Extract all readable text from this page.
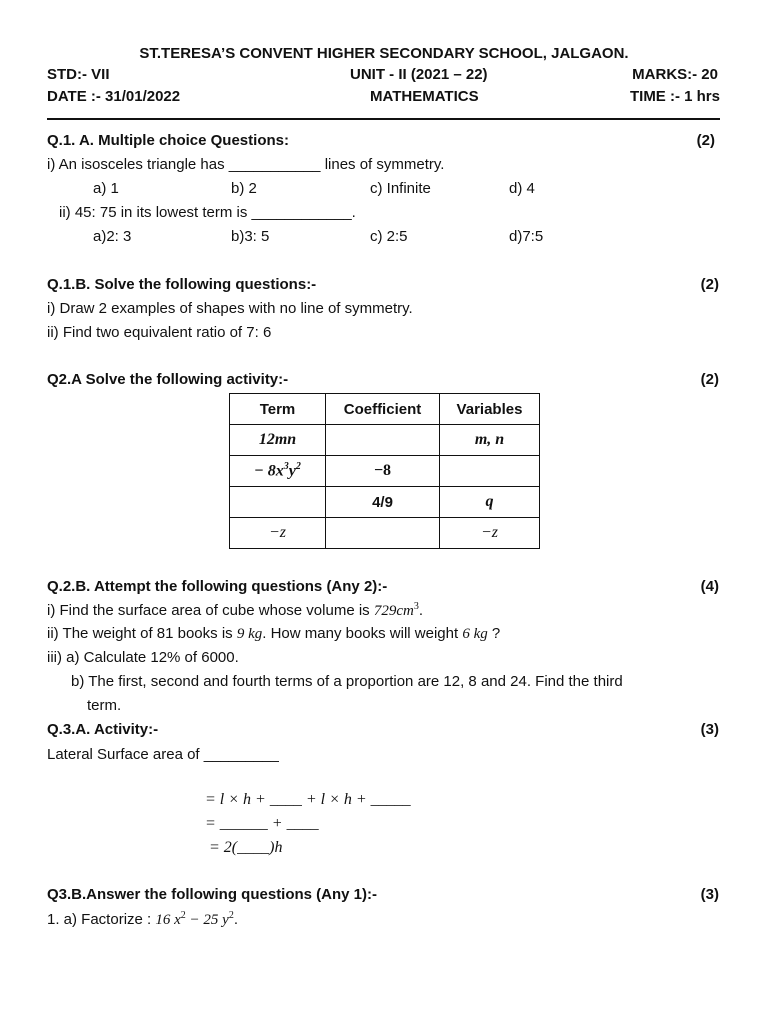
ST.TERESA’S CONVENT HIGHER SECONDARY SCHOOL, JALGAON.
STD:- VII	UNIT - II (2021 – 22)	MARKS:- 20
DATE :- 31/01/2022	MATHEMATICS	TIME :- 1 hrs
Q.1. A. Multiple choice Questions:	(2)
i) An isosceles triangle has ___________ lines of symmetry.
a) 1	b) 2	c) Infinite	d) 4
ii) 45: 75 in its lowest term is ____________.
a)2: 3	b)3: 5	c) 2:5	d)7:5
Q.1.B. Solve the following questions:-	(2)
i) Draw 2 examples of shapes with no line of symmetry.
ii) Find two equivalent ratio of 7: 6
Q2.A Solve the following activity:-	(2)
Term	Coefficient	Variables
12mn		m, n
− $8x^3y^2$	−8	
	4/9	q
−z		−z
Q.2.B. Attempt the following questions (Any 2):-	(4)
i) Find the surface area of cube whose volume is $729cm^3$.
ii) The weight of 81 books is 9 kg. How many books will weight 6 kg ?
iii) a) Calculate 12% of 6000.
b) The first, second and fourth terms of a proportion are 12, 8 and 24. Find the third
term.
Q.3.A. Activity:-	(3)
Lateral Surface area of _________
= l × h + ____ + l × h + _____
= ______ + ____
= 2(____)h
Q3.B.Answer the following questions (Any 1):-	(3)
1. a) Factorize : 16 $x^2 - 25$ $y^2$.
